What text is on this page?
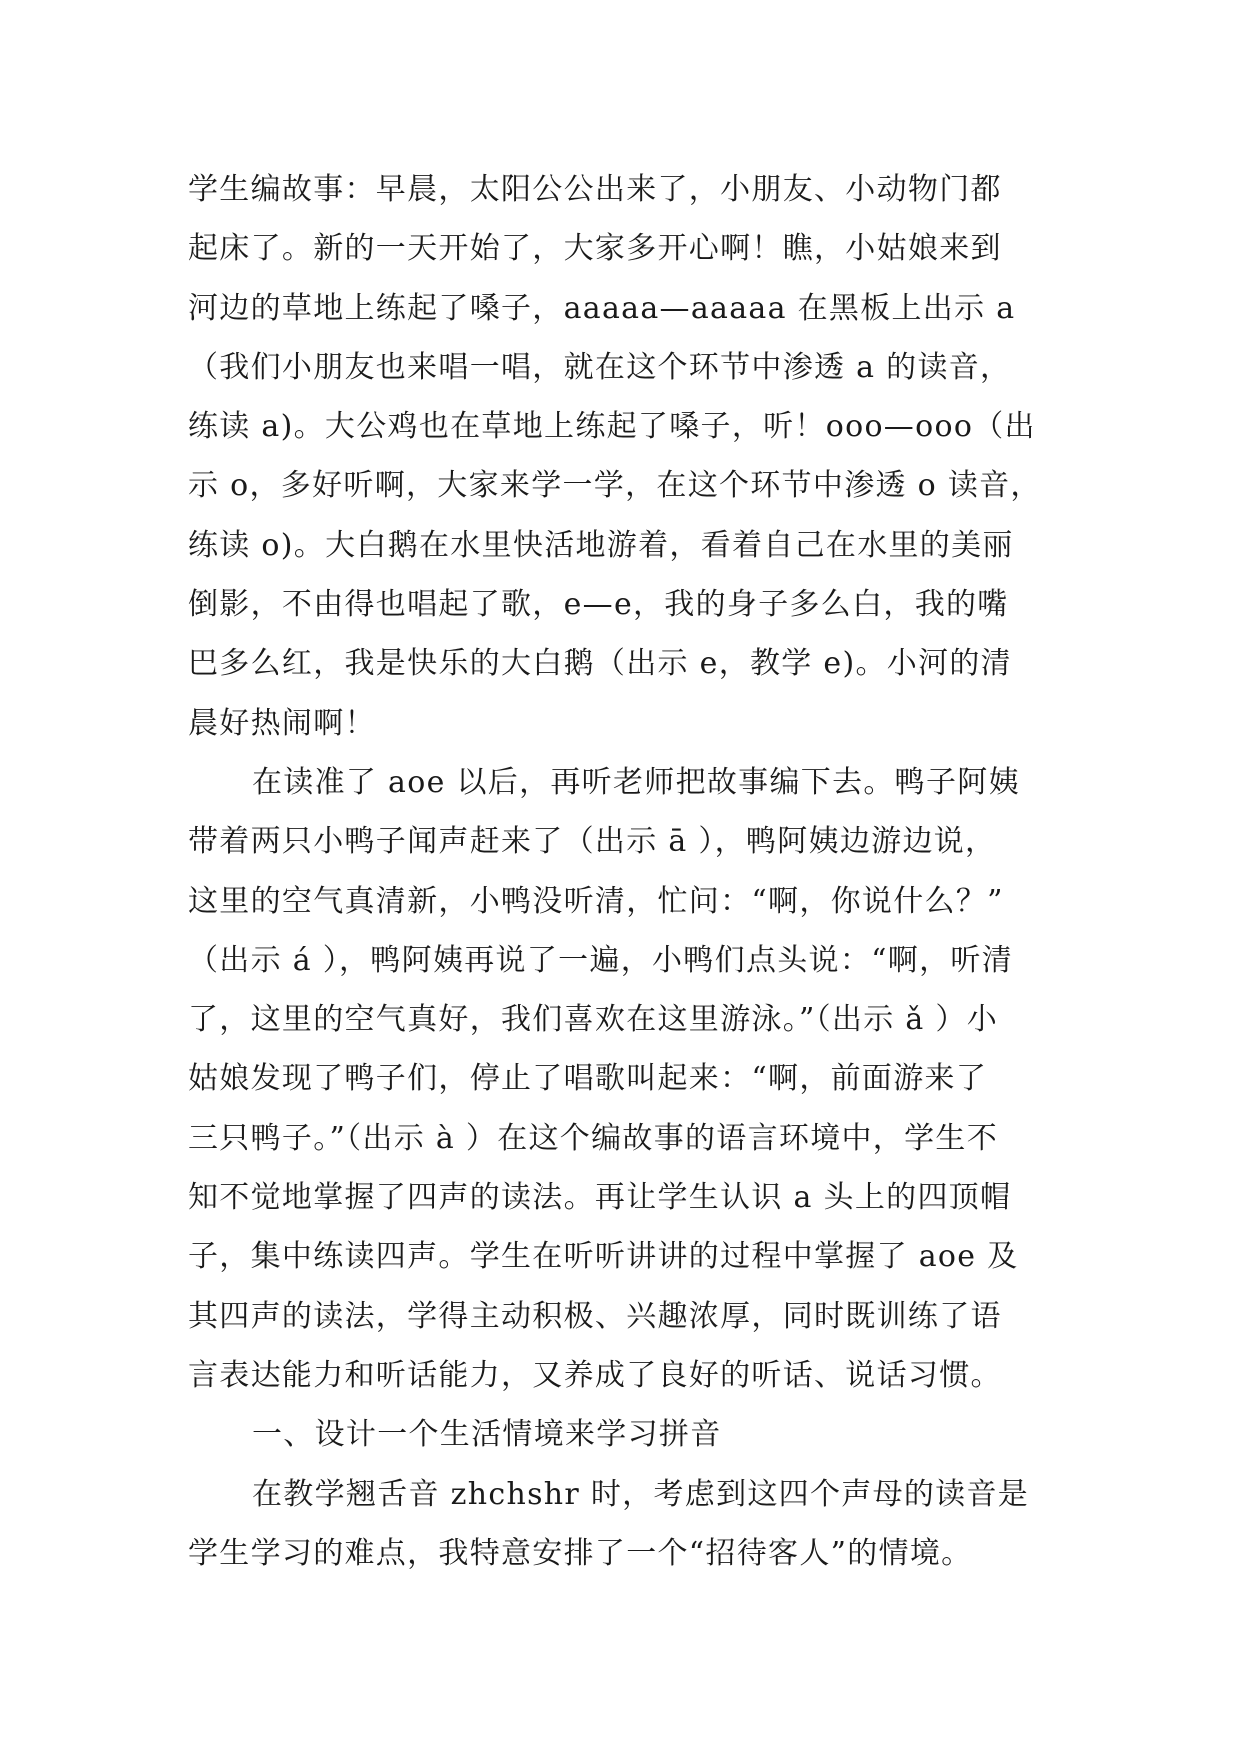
学生编故事：早晨，太阳公公出来了，小朋友、小动物门都
起床了。新的一天开始了，大家多开心啊！瞧，小姑娘来到
河边的草地上练起了嗓子，aaaaa—aaaaa 在黑板上出示 a
（我们小朋友也来唱一唱，就在这个环节中渗透 a 的读音，
练读 a)。大公鸡也在草地上练起了嗓子，听！ooo—ooo（出
示 o，多好听啊，大家来学一学，在这个环节中渗透 o 读音，
练读 o)。大白鹅在水里快活地游着，看着自己在水里的美丽
倒影，不由得也唱起了歌，e—e，我的身子多么白，我的嘴
巴多么红，我是快乐的大白鹅（出示 e，教学 e)。小河的清
晨好热闹啊！
在读准了 aoe 以后，再听老师把故事编下去。鸭子阿姨
带着两只小鸭子闻声赶来了（出示 ā ），鸭阿姨边游边说，
这里的空气真清新，小鸭没听清，忙问：“啊，你说什么？”
（出示 á ），鸭阿姨再说了一遍，小鸭们点头说：“啊，听清
了，这里的空气真好，我们喜欢在这里游泳。”（出示 ǎ ）小
姑娘发现了鸭子们，停止了唱歌叫起来：“啊，前面游来了
三只鸭子。”（出示 à ）在这个编故事的语言环境中，学生不
知不觉地掌握了四声的读法。再让学生认识 a 头上的四顶帽
子，集中练读四声。学生在听听讲讲的过程中掌握了 aoe 及
其四声的读法，学得主动积极、兴趣浓厚，同时既训练了语
言表达能力和听话能力，又养成了良好的听话、说话习惯。
一、设计一个生活情境来学习拼音
在教学翘舌音 zhchshr 时，考虑到这四个声母的读音是
学生学习的难点，我特意安排了一个“招待客人”的情境。
